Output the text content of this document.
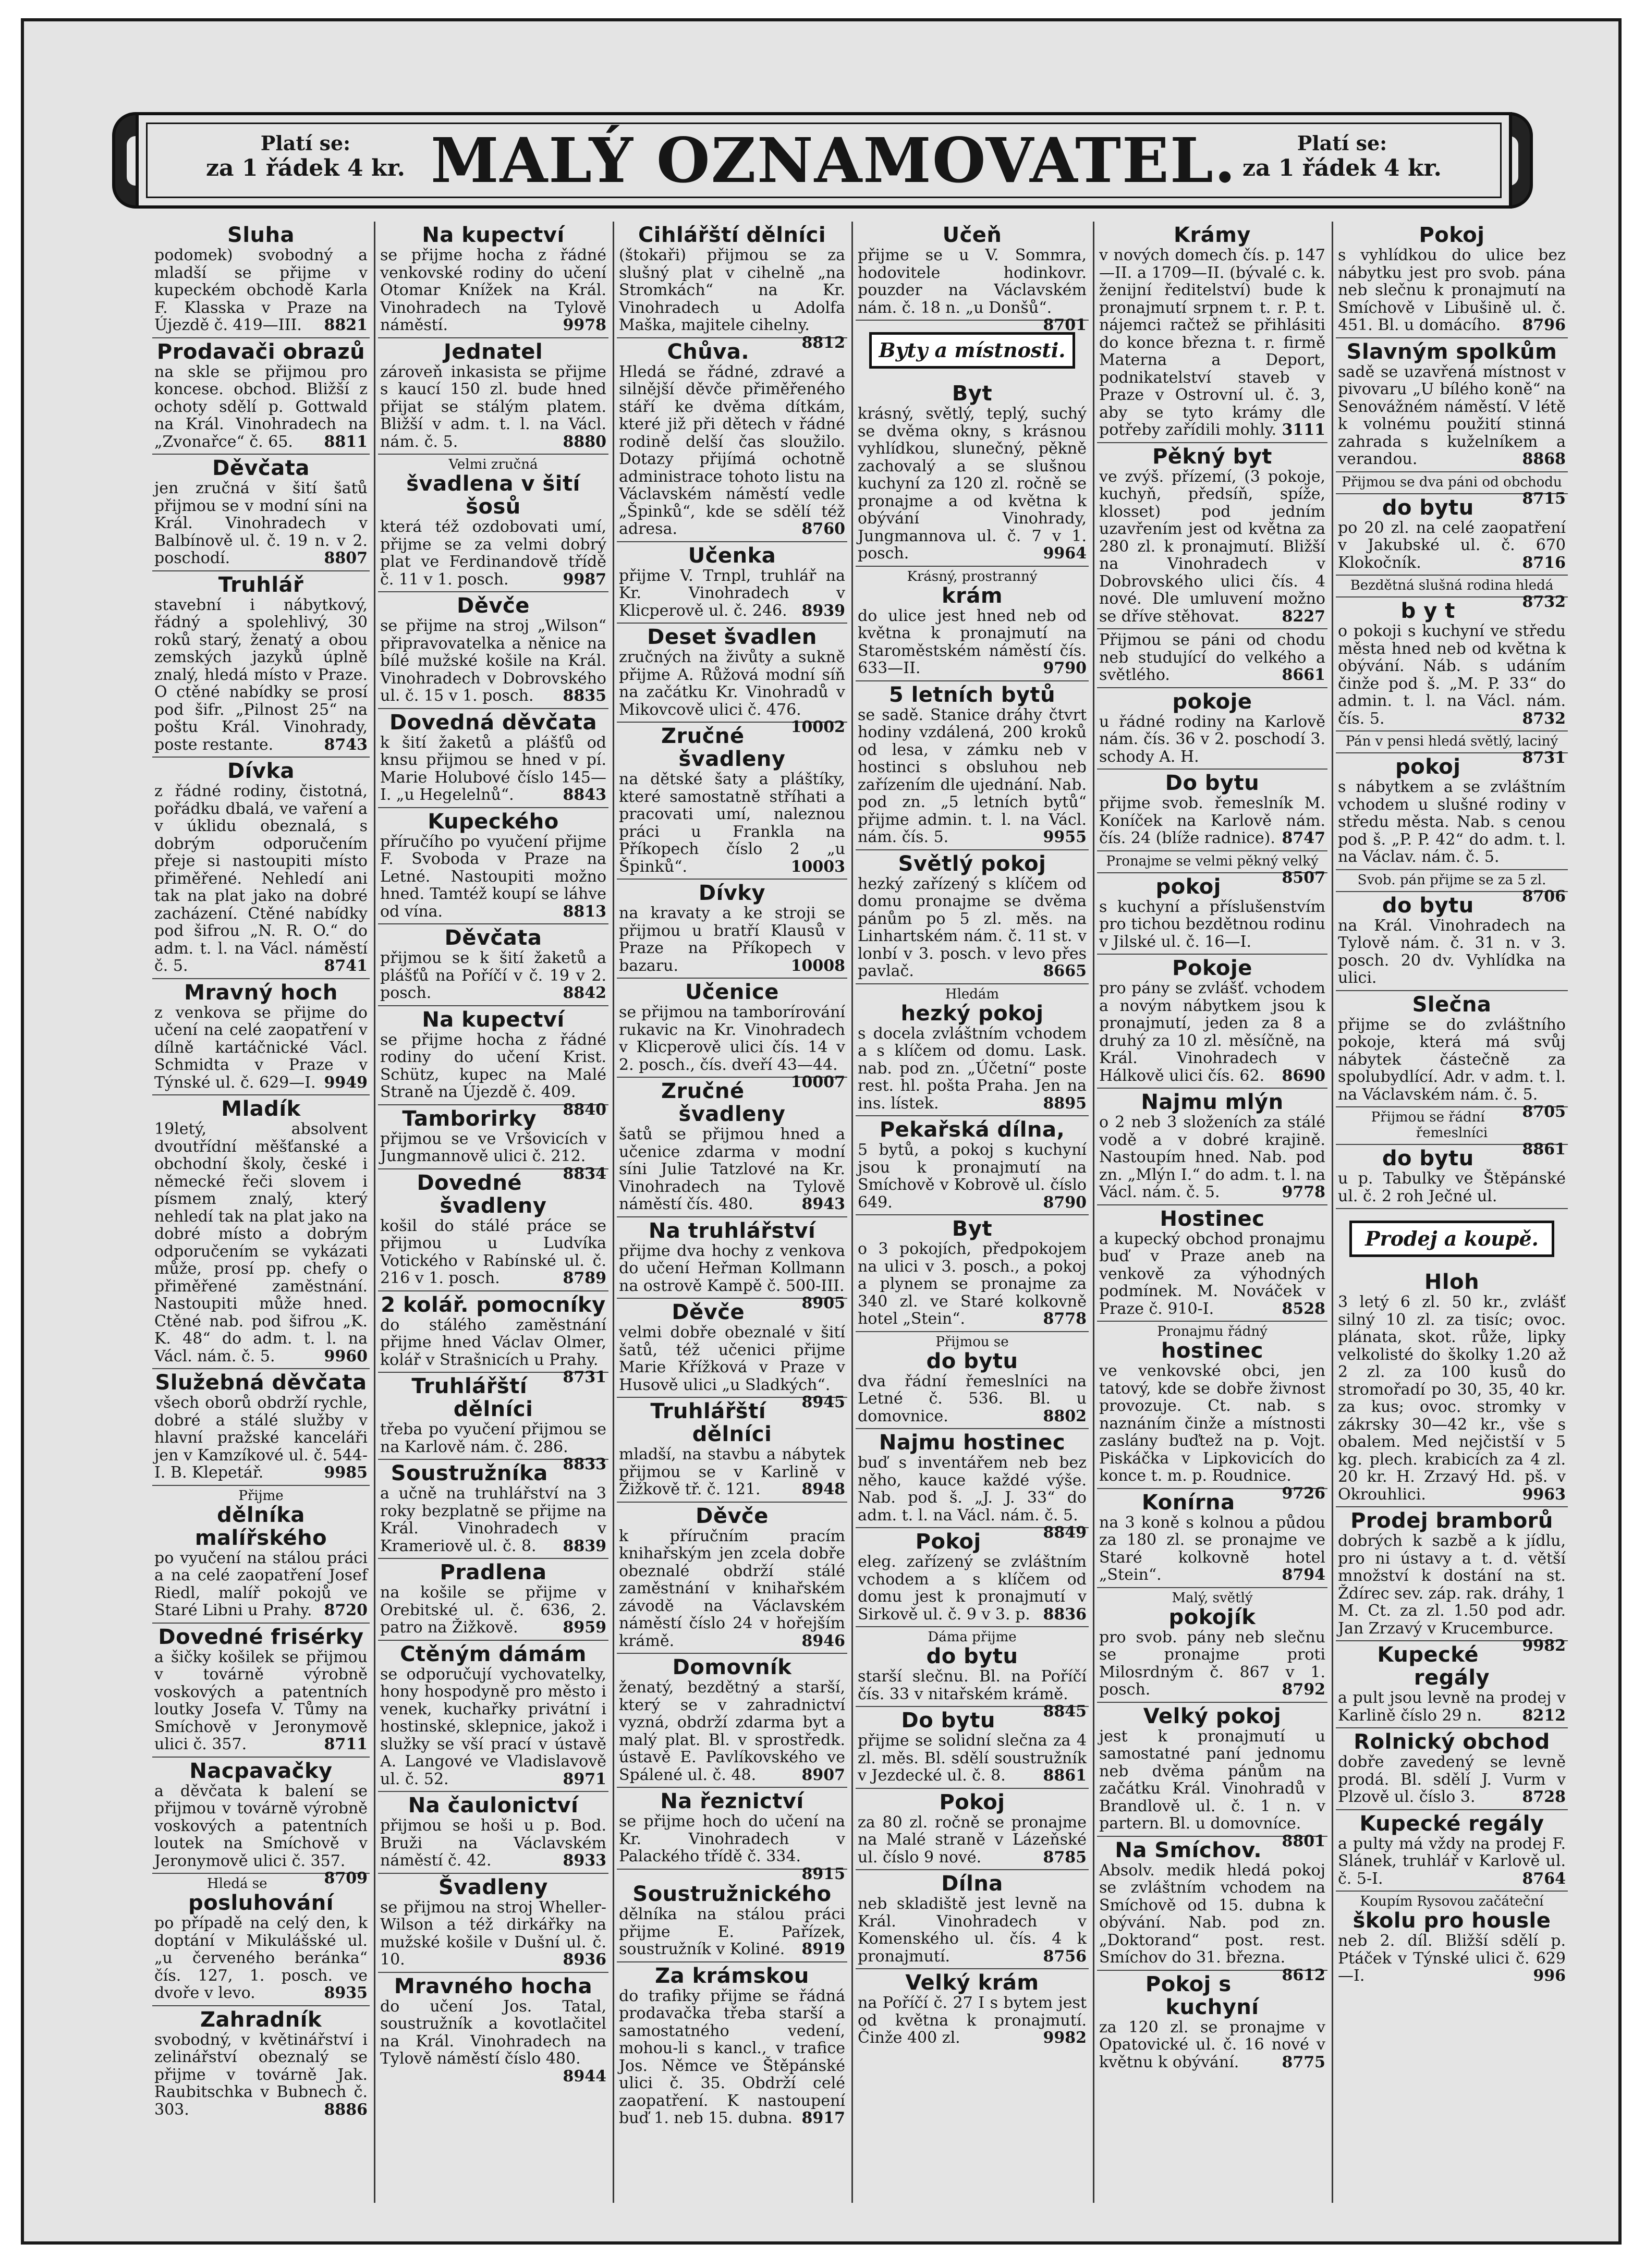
Platí se:
za 1 řádek 4 kr. MALÝ OZNAMOVATEL.	Platí se:
za 1 řádek 4 kr.
Sluha

podomek) svobodný a mladší se přijme v kupeckém obchodě Karla F. Klasska v Praze na Újezdě č. 419—III. 8821

Prodavači obrazů

na skle se přijmou pro koncese. obchod. Bližší z ochoty sdělí p. Gottwald na Král. Vinohradech na „Zvonařce“ č. 65. 8811

Děvčata

jen zručná v šití šatů přijmou se v modní síni na Král. Vinohradech v Balbínově ul. č. 19 n. v 2. poschodí.	8807

Truhlář

stavební i nábytkový, řádný a spolehlivý, 30 roků starý, ženatý a obou zemských jazyků úplně znalý, hledá místo v Praze. O ctěné nabídky se prosí pod šifr. „Pilnost 25“ na poštu Král. Vinohrady, poste restante.	8743

Dívka

z řádné rodiny, čistotná, pořádku dbalá, ve vaření a v úklidu obeznalá, s dobrým odporučením přeje si nastoupiti místo přiměřené. Nehledí ani tak na plat jako na dobré zacházení. Ctěné nabídky pod šifrou „N. R. O.“ do adm. t. l. na Václ. náměstí č. 5.	8741

Mravný hoch

z venkova se přijme do učení na celé zaopatření v dílně kartáčnické Václ. Schmidta v Praze v Týnské ul. č. 629—I. 9949

Mladík

19letý, absolvent dvoutřídní měšťanské a obchodní školy, české i německé řeči slovem i písmem znalý, který nehledí tak na plat jako na dobré místo a dobrým odporučením se vykázati může, prosí pp. chefy o přiměřené zaměstnání. Nastoupiti může hned. Ctěné nab. pod šifrou „K. K. 48“ do adm. t. l. na Václ. nám. č. 5.	9960

Služebná děvčata

všech oborů obdrží rychle, dobré a stálé služby v hlavní pražské kanceláři jen v Kamzíkové ul. č. 544-I. B. Klepetář.	9985

Přijme
dělníka malířského

po vyučení na stálou práci a na celé zaopatření Josef Riedl, malíř pokojů ve Staré Libni u Prahy. 8720

Dovedné frisérky

a šičky košilek se přijmou v továrně výrobně voskových a patentních loutky Josefa V. Tůmy na Smíchově v Jeronymově ulici č. 357.	8711

Nacpavačky

a děvčata k balení se přijmou v továrně výrobně voskových a patentních loutek na Smíchově v Jeronymově ulici č. 357.
8709

Hledá se
posluhování

po případě na celý den, k doptání v Mikulášské ul. „u červeného beránka“ čís. 127, 1. posch. ve dvoře v levo.	8935

Zahradník

svobodný, v květinářství i zelinářství obeznalý se přijme v továrně Jak. Raubitschka v Bubnech č. 303.	8886

Na kupectví

se přijme hocha z řádné venkovské rodiny do učení Otomar Knížek na Král. Vinohradech na Tylově náměstí.	9978

Jednatel

zároveň inkasista se přijme s kaucí 150 zl. bude hned přijat se stálým platem. Bližší v adm. t. l. na Václ. nám. č. 5.	8880

Velmi zručná
švadlena v šití šosů

která též ozdobovati umí, přijme se za velmi dobrý plat ve Ferdinandově třídě č. 11 v 1. posch.	9987

Děvče

se přijme na stroj „Wilson“ připravovatelka a něnice na bílé mužské košile na Král. Vinohradech v Dobrovského ul. č. 15 v 1. posch. 8835

Dovedná děvčata

k šití žaketů a plášťů od knsu přijmou se hned v pí. Marie Holubové číslo 145—I. „u Hegelelnů“.	8843

Kupeckého

příručího po vyučení přijme F. Svoboda v Praze na Letné. Nastoupiti možno hned. Tamtéž koupí se láhve od vína.	8813

Děvčata

přijmou se k šití žaketů a plášťů na Poříčí v č. 19 v 2. posch.	8842

Na kupectví

se přijme hocha z řádné rodiny do učení Krist. Schütz, kupec na Malé Straně na Újezdě č. 409.
8840

Tamborirky

přijmou se ve Vršovicích v Jungmannově ulici č. 212.
8834

Dovedné švadleny

košil do stálé práce se přijmou u Ludvíka Votického v Rabínské ul. č. 216 v 1. posch.	8789

2 kolář. pomocníky

do stálého zaměstnání přijme hned Václav Olmer, kolář v Strašnicích u Prahy.
8731

Truhlářští dělníci

třeba po vyučení přijmou se na Karlově nám. č. 286.
8833

Soustružníka

a učně na truhlářství na 3 roky bezplatně se přijme na Král. Vinohradech v Krameriově ul. č. 8. 8839

Pradlena

na košile se přijme v Orebitské ul. č. 636, 2. patro na Žižkově.	8959

Ctěným dámám

se odporučují vychovatelky, hony hospodyně pro město i venek, kuchařky privátní i hostinské, sklepnice, jakož i služky se vší prací v ústavě A. Langové ve Vladislavově ul. č. 52.	8971

Na čaulonictví

přijmou se hoši u p. Bod. Bruži na Václavském náměstí č. 42.	8933

Švadleny

se přijmou na stroj Wheller-Wilson a též dirkářky na mužské košile v Dušní ul. č. 10.	8936

Mravného hocha

do učení Jos. Tatal, soustružník a kovotlačitel na Král. Vinohradech na Tylově náměstí číslo 480.
8944

Cihlářští dělníci

(štokaři) přijmou se za slušný plat v cihelně „na Stromkách“ na Kr. Vinohradech u Adolfa Maška, majitele cihelny.
8812

Chůva.

Hledá se řádné, zdravé a silnější děvče přiměřeného stáří ke dvěma dítkám, které již při dětech v řádné rodině delší čas sloužilo. Dotazy přijímá ochotně administrace tohoto listu na Václavském náměstí vedle „Špinků“, kde se sdělí též adresa.	8760

Učenka

přijme V. Trnpl, truhlář na Kr. Vinohradech v Klicperově ul. č. 246. 8939

Deset švadlen

zručných na živůty a sukně přijme A. Růžová modní síň na začátku Kr. Vinohradů v Mikovcově ulici č. 476.
10002

Zručné švadleny

na dětské šaty a pláštíky, které samostatně stříhati a pracovati umí, naleznou práci u Frankla na Příkopech číslo 2 „u Špinků“.	10003

Dívky

na kravaty a ke stroji se přijmou u bratří Klausů v Praze na Příkopech v bazaru.	10008

Učenice

se přijmou na tamborírování rukavic na Kr. Vinohradech v Klicperově ulici čís. 14 v 2. posch., čís. dveří 43—44.
10007

Zručné švadleny

šatů se přijmou hned a učenice zdarma v modní síni Julie Tatzlové na Kr. Vinohradech na Tylově náměstí čís. 480.	8943

Na truhlářství

přijme dva hochy z venkova do učení Heřman Kollmann na ostrově Kampě č. 500-III.
8905

Děvče

velmi dobře obeznalé v šití šatů, též učenici přijme Marie Křížková v Praze v Husově ulici „u Sladkých“.
8945

Truhlářští dělníci

mladší, na stavbu a nábytek přijmou se v Karlině v Žižkově tř. č. 121.	8948

Děvče

k příručním pracím knihařským jen zcela dobře obeznalé obdrží stálé zaměstnání v knihařském závodě na Václavském náměstí číslo 24 v hořejším krámě.	8946

Domovník

ženatý, bezdětný a starší, který se v zahradnictví vyzná, obdrží zdarma byt a malý plat. Bl. v sprostředk. ústavě E. Pavlíkovského ve Spálené ul. č. 48.	8907

Na řeznictví

se přijme hoch do učení na Kr. Vinohradech v Palackého třídě č. 334.
8915

Soustružnického

dělníka na stálou práci přijme E. Pařízek, soustružník v Koliné. 8919

Za krámskou

do trafiky přijme se řádná prodavačka třeba starší a samostatného vedení, mohou-li s kancl., v trafice Jos. Němce ve Štěpánské ulici č. 35. Obdrží celé zaopatření. K nastoupení buď 1. neb 15. dubna. 8917

Učeň

přijme se u V. Sommra, hodovitele hodinkovr. pouzder na Václavském nám. č. 18 n. „u Donšů“.
8701

Byty a místnosti.
Byt

krásný, světlý, teplý, suchý se dvěma okny, s krásnou vyhlídkou, slunečný, pěkně zachovalý a se slušnou kuchyní za 120 zl. ročně se pronajme a od května k obývání Vinohrady, Jungmannova ul. č. 7 v 1. posch.	9964

Krásný, prostranný
krám

do ulice jest hned neb od května k pronajmutí na Staroměstském náměstí čís. 633—II.	9790

5 letních bytů

se sadě. Stanice dráhy čtvrt hodiny vzdálená, 200 kroků od lesa, v zámku neb v hostinci s obsluhou neb zařízením dle ujednání. Nab. pod zn. „5 letních bytů“ přijme admin. t. l. na Václ. nám. čís. 5.	9955

Světlý pokoj

hezký zařízený s klíčem od domu pronajme se dvěma pánům po 5 zl. měs. na Linhartském nám. č. 11 st. v lonbí v 3. posch. v levo přes pavlač.	8665

Hledám
hezký pokoj

s docela zvláštním vchodem a s klíčem od domu. Lask. nab. pod zn. „Účetní“ poste rest. hl. pošta Praha. Jen na ins. lístek.	8895

Pekařská dílna,

5 bytů, a pokoj s kuchyní jsou k pronajmutí na Smíchově v Kobrově ul. číslo 649.	8790

Byt

o 3 pokojích, předpokojem na ulici v 3. posch., a pokoj a plynem se pronajme za 340 zl. ve Staré kolkovně hotel „Stein“.	8778

Přijmou se
do bytu

dva řádní řemeslníci na Letné č. 536. Bl. u domovnice.	8802

Najmu hostinec

buď s inventářem neb bez něho, kauce každé výše. Nab. pod š. „J. J. 33“ do adm. t. l. na Václ. nám. č. 5.
8849

Pokoj

eleg. zařízený se zvláštním vchodem a s klíčem od domu jest k pronajmutí v Sirkově ul. č. 9 v 3. p. 8836

Dáma přijme
do bytu

starší slečnu. Bl. na Poříčí čís. 33 v nitařském krámě.
8845

Do bytu

přijme se solidní slečna za 4 zl. měs. Bl. sdělí soustružník v Jezdecké ul. č. 8. 8861

Pokoj

za 80 zl. ročně se pronajme na Malé straně v Lázeňské ul. číslo 9 nové.	8785

Dílna

neb skladiště jest levně na Král. Vinohradech v Komenského ul. čís. 4 k pronajmutí.	8756

Velký krám

na Poříčí č. 27 I s bytem jest od května k pronajmutí. Činže 400 zl.	9982

Krámy

v nových domech čís. p. 147—II. a 1709—II. (bývalé c. k. ženijní ředitelství) bude k pronajmutí srpnem t. r. P. t. nájemci račtež se přihlásiti do konce března t. r. firmě Materna a Deport, podnikatelství staveb v Praze v Ostrovní ul. č. 3, aby se tyto krámy dle potřeby zařídili mohly. 3111

Pěkný byt

ve zvýš. přízemí, (3 pokoje, kuchyň, předsíň, spíže, klosset) pod jedním uzavřením jest od května za 280 zl. k pronajmutí. Bližší na Vinohradech v Dobrovského ulici čís. 4 nové. Dle umluvení možno se dříve stěhovat.	8227

Přijmou se páni od chodu neb studující do velkého a světlého.	8661

pokoje

u řádné rodiny na Karlově nám. čís. 36 v 2. poschodí 3. schody A. H.

Do bytu

přijme svob. řemeslník M. Koníček na Karlově nám. čís. 24 (blíže radnice). 8747

Pronajme se velmi pěkný velký

8507

pokoj

s kuchyní a příslušenstvím pro tichou bezdětnou rodinu v Jilské ul. č. 16—I.

Pokoje

pro pány se zvlášť. vchodem a novým nábytkem jsou k pronajmutí, jeden za 8 a druhý za 10 zl. měsíčně, na Král. Vinohradech v Hálkově ulici čís. 62. 8690

Najmu mlýn

o 2 neb 3 složeních za stálé vodě a v dobré krajině. Nastoupím hned. Nab. pod zn. „Mlýn I.“ do adm. t. l. na Václ. nám. č. 5.	9778

Hostinec

a kupecký obchod pronajmu buď v Praze aneb na venkově za výhodných podmínek. M. Nováček v Praze č. 910-I.	8528

Pronajmu řádný
hostinec

ve venkovské obci, jen tatový, kde se dobře živnost provozuje. Ct. nab. s naznáním činže a místnosti zaslány buďtež na p. Vojt. Piskáčka v Lipkovicích do konce t. m. p. Roudnice.
9726

Konírna

na 3 koně s kolnou a půdou za 180 zl. se pronajme ve Staré kolkovně hotel „Stein“.	8794

Malý, světlý
pokojík

pro svob. pány neb slečnu se pronajme proti Milosrdným č. 867 v 1. posch.	8792

Velký pokoj

jest k pronajmutí u samostatné paní jednomu neb dvěma pánům na začátku Král. Vinohradů v Brandlově ul. č. 1 n. v partern. Bl. u domovníce.
8801

Na Smíchov.

Absolv. medik hledá pokoj se zvláštním vchodem na Smíchově od 15. dubna k obývání. Nab. pod zn. „Doktorand“ post. rest. Smíchov do 31. března.
8612

Pokoj s kuchyní

za 120 zl. se pronajme v Opatovické ul. č. 16 nové v květnu k obývání.	8775

Pokoj

s vyhlídkou do ulice bez nábytku jest pro svob. pána neb slečnu k pronajmutí na Smíchově v Libušině ul. č. 451. Bl. u domácího. 8796

Slavným spolkům

sadě se uzavřená místnost v pivovaru „U bílého koně“ na Senovážném náměstí. V létě k volnému použití stinná zahrada s kuželníkem a verandou.	8868

Přijmou se dva páni od obchodu

8715

do bytu

po 20 zl. na celé zaopatření v Jakubské ul. č. 670 Klokočník.	8716

Bezdětná slušná rodina hledá

8732

b y t

o pokoji s kuchyní ve středu města hned neb od května k obývání. Náb. s udáním činže pod š. „M. P. 33“ do admin. t. l. na Václ. nám. čís. 5.	8732

Pán v pensi hledá světlý, laciný

8731

pokoj

s nábytkem a se zvláštním vchodem u slušné rodiny v středu města. Nab. s cenou pod š. „P. P. 42“ do adm. t. l. na Václav. nám. č. 5.

Svob. pán přijme se za 5 zl.

8706

do bytu

na Král. Vinohradech na Tylově nám. č. 31 n. v 3. posch. 20 dv. Vyhlídka na ulici.

Slečna

přijme se do zvláštního pokoje, která má svůj nábytek částečně za spolubydlící. Adr. v adm. t. l. na Václavském nám. č. 5.
8705

Přijmou se řádní řemeslníci

8861

do bytu

u p. Tabulky ve Štěpánské ul. č. 2 roh Ječné ul.

Prodej a koupě.
Hloh

3 letý 6 zl. 50 kr., zvlášť silný 10 zl. za tisíc; ovoc. plánata, skot. růže, lipky velkolisté do školky 1.20 až 2 zl. za 100 kusů do stromořadí po 30, 35, 40 kr. za kus; ovoc. stromky v zákrsky 30—42 kr., vše s obalem. Med nejčistší v 5 kg. plech. krabicích za 4 zl. 20 kr. H. Zrzavý Hd. pš. v Okrouhlici.	9963

Prodej bramborů

dobrých k sazbě a k jídlu, pro ni ústavy a t. d. větší množství k dostání na st. Ždírec sev. záp. rak. dráhy, 1 M. Ct. za zl. 1.50 pod adr. Jan Zrzavý v Krucemburce.
9982

Kupecké regály

a pult jsou levně na prodej v Karlině číslo 29 n.	8212

Rolnický obchod

dobře zavedený se levně prodá. Bl. sdělí J. Vurm v Plzově ul. číslo 3.	8728

Kupecké regály

a pulty má vždy na prodej F. Slánek, truhlář v Karlově ul. č. 5-I.	8764

Koupím Rysovou začáteční
školu pro housle

neb 2. díl. Bližší sdělí p. Ptáček v Týnské ulici č. 629—I.	996
